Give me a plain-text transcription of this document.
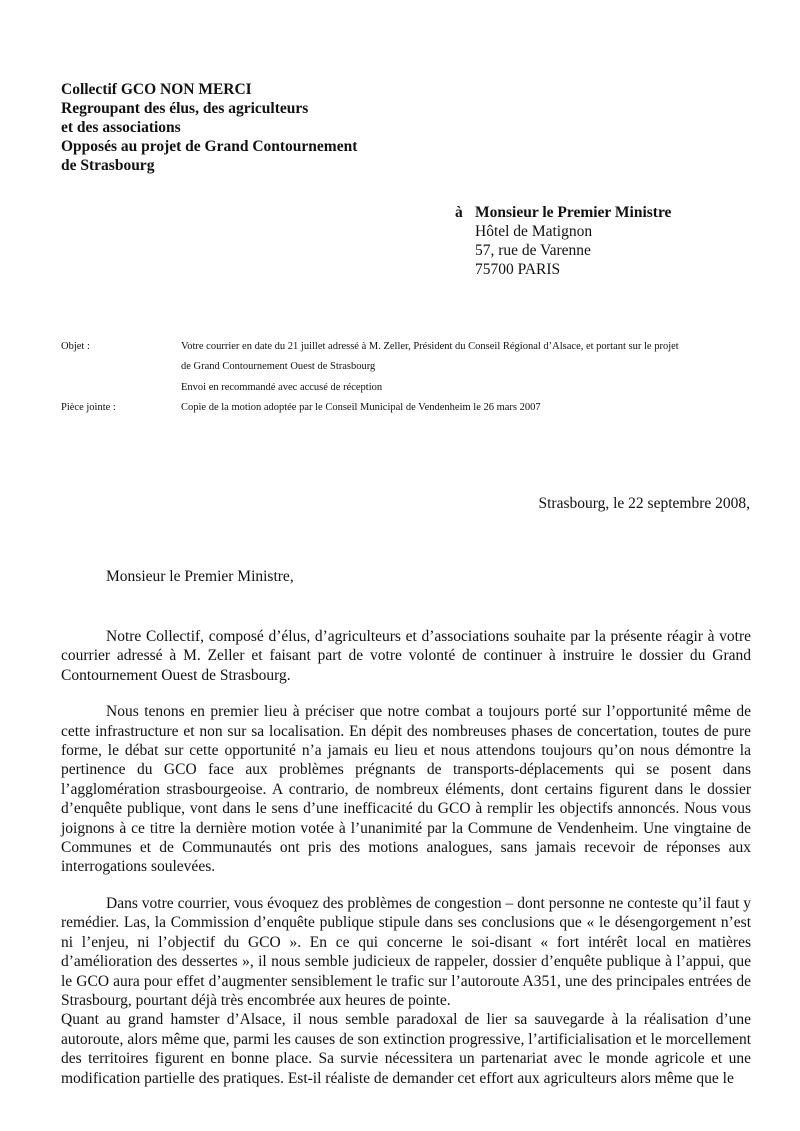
Collectif GCO NON MERCI
Regroupant des élus, des agriculteurs
et des associations
Opposés au projet de Grand Contournement
de Strasbourg
à Monsieur le Premier Ministre
Hôtel de Matignon
57, rue de Varenne
75700 PARIS
Objet :	Votre courrier en date du 21 juillet adressé à M. Zeller, Président du Conseil Régional d’Alsace, et portant sur le projet
de Grand Contournement Ouest de Strasbourg
Envoi en recommandé avec accusé de réception
Pièce jointe :	Copie de la motion adoptée par le Conseil Municipal de Vendenheim le 26 mars 2007
Strasbourg, le 22 septembre 2008,
Monsieur le Premier Ministre,

Notre Collectif, composé d’élus, d’agriculteurs et d’associations souhaite par la présente réagir à votre courrier adressé à M. Zeller et faisant part de votre volonté de continuer à instruire le dossier du Grand Contournement Ouest de Strasbourg.

Nous tenons en premier lieu à préciser que notre combat a toujours porté sur l’opportunité même de cette infrastructure et non sur sa localisation. En dépit des nombreuses phases de concertation, toutes de pure forme, le débat sur cette opportunité n’a jamais eu lieu et nous attendons toujours qu’on nous démontre la pertinence du GCO face aux problèmes prégnants de transports-déplacements qui se posent dans l’agglomération strasbourgeoise. A contrario, de nombreux éléments, dont certains figurent dans le dossier d’enquête publique, vont dans le sens d’une inefficacité du GCO à remplir les objectifs annoncés. Nous vous joignons à ce titre la dernière motion votée à l’unanimité par la Commune de Vendenheim. Une vingtaine de Communes et de Communautés ont pris des motions analogues, sans jamais recevoir de réponses aux interrogations soulevées.

Dans votre courrier, vous évoquez des problèmes de congestion – dont personne ne conteste qu’il faut y remédier. Las, la Commission d’enquête publique stipule dans ses conclusions que « le désengorgement n’est ni l’enjeu, ni l’objectif du GCO ». En ce qui concerne le soi-disant « fort intérêt local en matières d’amélioration des dessertes », il nous semble judicieux de rappeler, dossier d’enquête publique à l’appui, que le GCO aura pour effet d’augmenter sensiblement le trafic sur l’autoroute A351, une des principales entrées de Strasbourg, pourtant déjà très encombrée aux heures de pointe.

Quant au grand hamster d’Alsace, il nous semble paradoxal de lier sa sauvegarde à la réalisation d’une autoroute, alors même que, parmi les causes de son extinction progressive, l’artificialisation et le morcellement des territoires figurent en bonne place. Sa survie nécessitera un partenariat avec le monde agricole et une modification partielle des pratiques. Est-il réaliste de demander cet effort aux agriculteurs alors même que le
